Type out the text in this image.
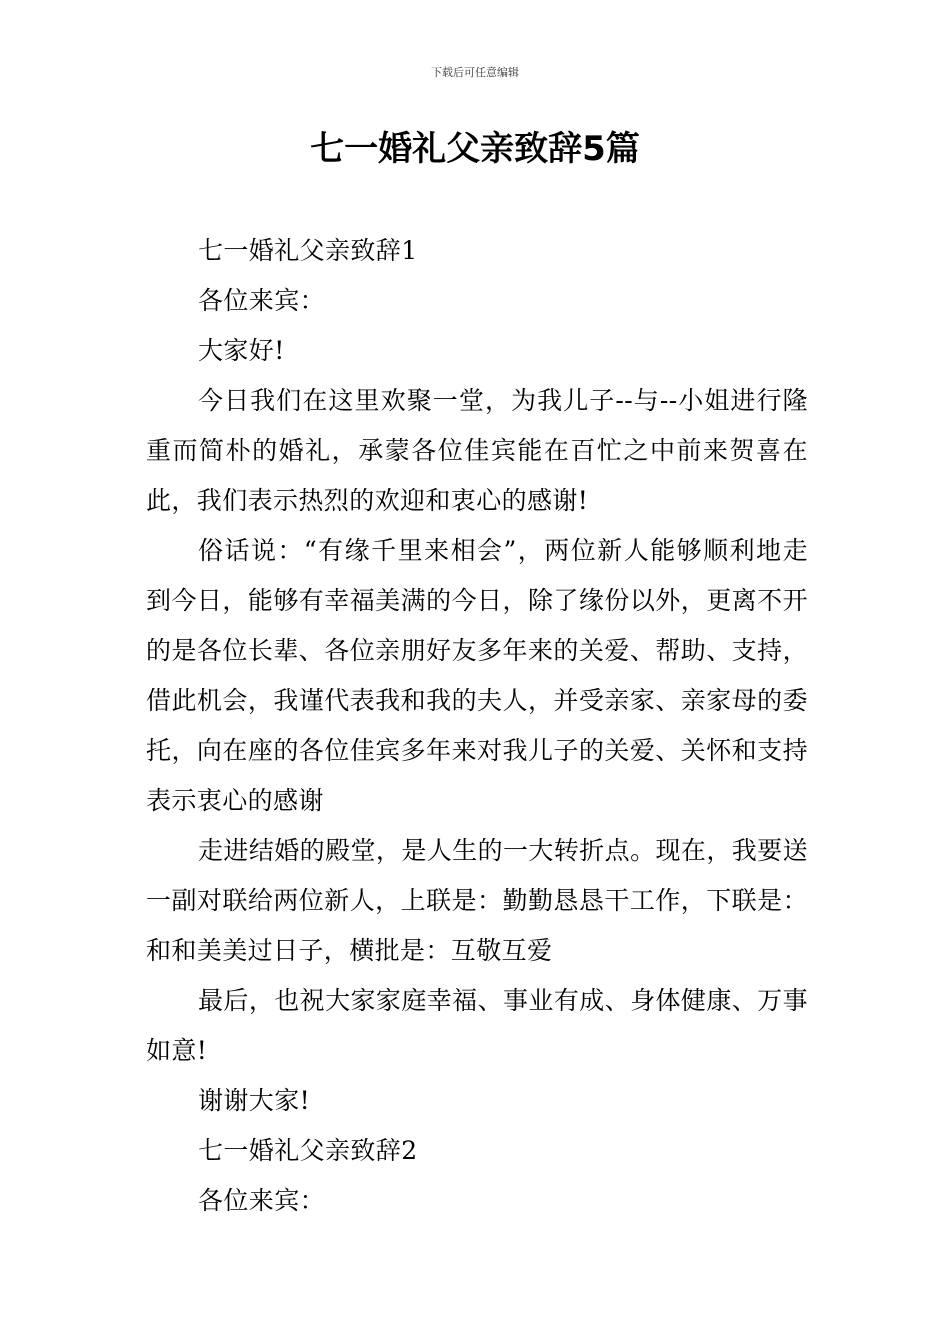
下载后可任意编辑
七一婚礼父亲致辞5篇

七一婚礼父亲致辞1

各位来宾：

大家好!

今日我们在这里欢聚一堂，为我儿子--与--小姐进行隆重而简朴的婚礼，承蒙各位佳宾能在百忙之中前来贺喜在此，我们表示热烈的欢迎和衷心的感谢!

俗话说：“有缘千里来相会”，两位新人能够顺利地走到今日，能够有幸福美满的今日，除了缘份以外，更离不开的是各位长辈、各位亲朋好友多年来的关爱、帮助、支持，借此机会，我谨代表我和我的夫人，并受亲家、亲家母的委托，向在座的各位佳宾多年来对我儿子的关爱、关怀和支持表示衷心的感谢

走进结婚的殿堂，是人生的一大转折点。现在，我要送一副对联给两位新人，上联是：勤勤恳恳干工作，下联是：和和美美过日子，横批是：互敬互爱

最后，也祝大家家庭幸福、事业有成、身体健康、万事如意!

谢谢大家!

七一婚礼父亲致辞2

各位来宾：
